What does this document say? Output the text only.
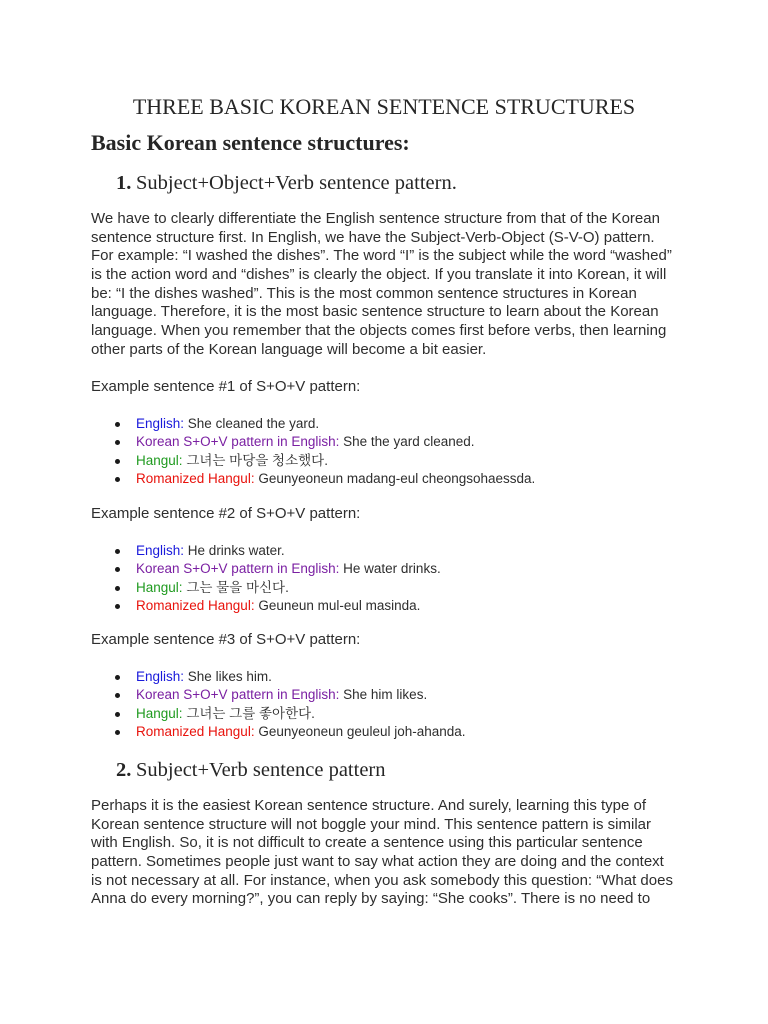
THREE BASIC KOREAN SENTENCE STRUCTURES
Basic Korean sentence structures:
1. Subject+Object+Verb sentence pattern.
We have to clearly differentiate the English sentence structure from that of the Korean
sentence structure first. In English, we have the Subject-Verb-Object (S-V-O) pattern.
For example: “I washed the dishes”. The word “I” is the subject while the word “washed”
is the action word and “dishes” is clearly the object. If you translate it into Korean, it will
be: “I the dishes washed”. This is the most common sentence structures in Korean
language. Therefore, it is the most basic sentence structure to learn about the Korean
language. When you remember that the objects comes first before verbs, then learning
other parts of the Korean language will become a bit easier.
Example sentence #1 of S+O+V pattern:
English: She cleaned the yard.
Korean S+O+V pattern in English: She the yard cleaned.
Hangul: 그녀는 마당을 청소했다.
Romanized Hangul: Geunyeoneun madang-eul cheongsohaessda.
Example sentence #2 of S+O+V pattern:
English: He drinks water.
Korean S+O+V pattern in English: He water drinks.
Hangul: 그는 물을 마신다.
Romanized Hangul: Geuneun mul-eul masinda.
Example sentence #3 of S+O+V pattern:
English: She likes him.
Korean S+O+V pattern in English: She him likes.
Hangul: 그녀는 그를 좋아한다.
Romanized Hangul: Geunyeoneun geuleul joh-ahanda.
2. Subject+Verb sentence pattern
Perhaps it is the easiest Korean sentence structure. And surely, learning this type of
Korean sentence structure will not boggle your mind. This sentence pattern is similar
with English. So, it is not difficult to create a sentence using this particular sentence
pattern. Sometimes people just want to say what action they are doing and the context
is not necessary at all. For instance, when you ask somebody this question: “What does
Anna do every morning?”, you can reply by saying: “She cooks”. There is no need to
